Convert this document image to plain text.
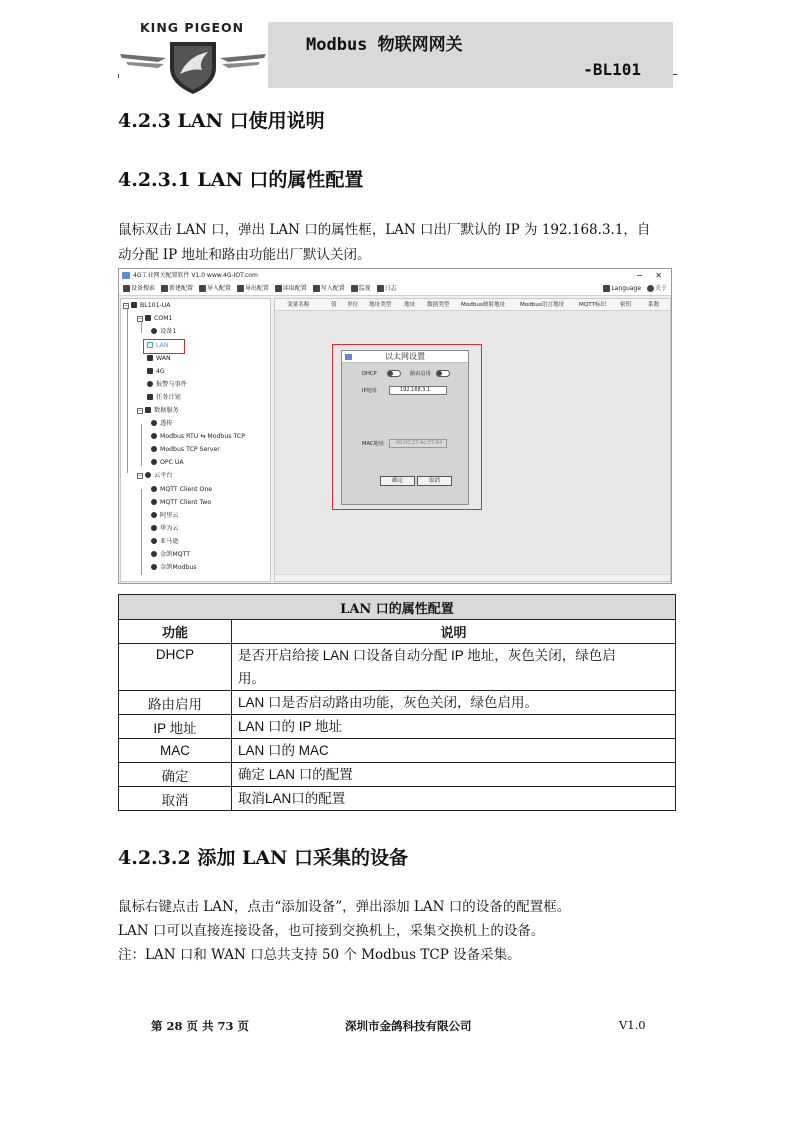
KING PIGEON
Modbus 物联网网关
-BL101
4.2.3 LAN 口使用说明
4.2.3.1 LAN 口的属性配置

鼠标双击 LAN 口，弹出 LAN 口的属性框，LAN 口出厂默认的 IP 为 192.168.3.1，自

动分配 IP 地址和路由功能出厂默认关闭。

4G工业网关配置软件 V1.0 www.4G-IOT.com	− ✕
设备搜索 新建配置 导入配置 导出配置 读取配置 写入配置 监视 日志	Language 关于
− BL101-UA
− COM1
设备1
LAN
WAN
4G
报警与事件
任务计划
− 数据服务
透传
Modbus RTU ⇆ Modbus TCP
Modbus TCP Server
OPC UA
− 云平台
MQTT Client One
MQTT Client Two
阿里云
华为云
亚马逊
金鸽MQTT
金鸽Modbus
变量名称	值 单位 地址类型 地址 数据类型 Modbus映射地址	Modbus语言地址	MQTT标识 密钥	系数
以太网设置
DHCP	路由启用
IP地址	192.168.3.1
MAC地址	00:00:27:4c:07:84
确定	取消
LAN 口的属性配置	
功能	说明
DHCP	是否开启给接 LAN 口设备自动分配 IP 地址，灰色关闭，绿色启
用。

路由启用	LAN 口是否启动路由功能，灰色关闭，绿色启用。
IP 地址	LAN 口的 IP 地址
MAC	LAN 口的 MAC
确定	确定 LAN 口的配置
取消	取消LAN口的配置
4.2.3.2 添加 LAN 口采集的设备

鼠标右键点击 LAN，点击“添加设备”，弹出添加 LAN 口的设备的配置框。

LAN 口可以直接连接设备，也可接到交换机上，采集交换机上的设备。

注：LAN 口和 WAN 口总共支持 50 个 Modbus TCP 设备采集。

第 28 页 共 73 页	深圳市金鸽科技有限公司	V1.0
